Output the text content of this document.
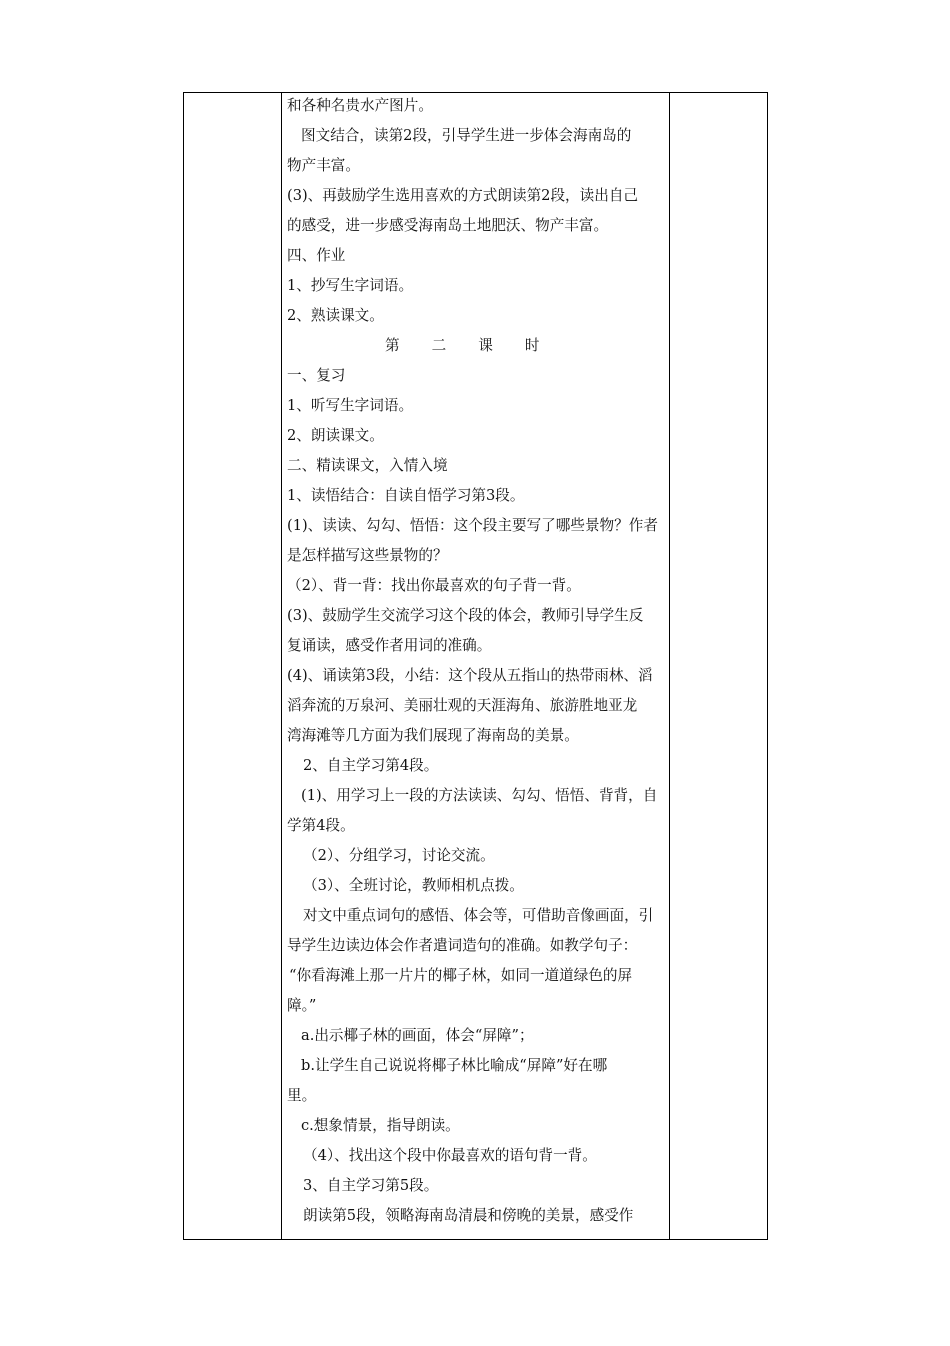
和各种名贵水产图片。
图文结合，读第2段，引导学生进一步体会海南岛的
物产丰富。
(3)、再鼓励学生选用喜欢的方式朗读第2段，读出自己
的感受，进一步感受海南岛土地肥沃、物产丰富。
四、作业
1、抄写生字词语。
2、熟读课文。
第 二 课 时
一、复习
1、听写生字词语。
2、朗读课文。
二、精读课文，入情入境
1、读悟结合：自读自悟学习第3段。
(1)、读读、勾勾、悟悟：这个段主要写了哪些景物？作者
是怎样描写这些景物的？
（2）、背一背：找出你最喜欢的句子背一背。
(3)、鼓励学生交流学习这个段的体会，教师引导学生反
复诵读，感受作者用词的准确。
(4)、诵读第3段，小结：这个段从五指山的热带雨林、滔
滔奔流的万泉河、美丽壮观的天涯海角、旅游胜地亚龙
湾海滩等几方面为我们展现了海南岛的美景。
2、自主学习第4段。
(1)、用学习上一段的方法读读、勾勾、悟悟、背背，自
学第4段。
（2）、分组学习，讨论交流。
（3）、全班讨论，教师相机点拨。
对文中重点词句的感悟、体会等，可借助音像画面，引
导学生边读边体会作者遣词造句的准确。如教学句子：
“你看海滩上那一片片的椰子林，如同一道道绿色的屏
障。”
a.出示椰子林的画面，体会“屏障”；
b.让学生自己说说将椰子林比喻成“屏障”好在哪
里。
c.想象情景，指导朗读。
（4）、找出这个段中你最喜欢的语句背一背。
3、自主学习第5段。
朗读第5段，领略海南岛清晨和傍晚的美景，感受作
